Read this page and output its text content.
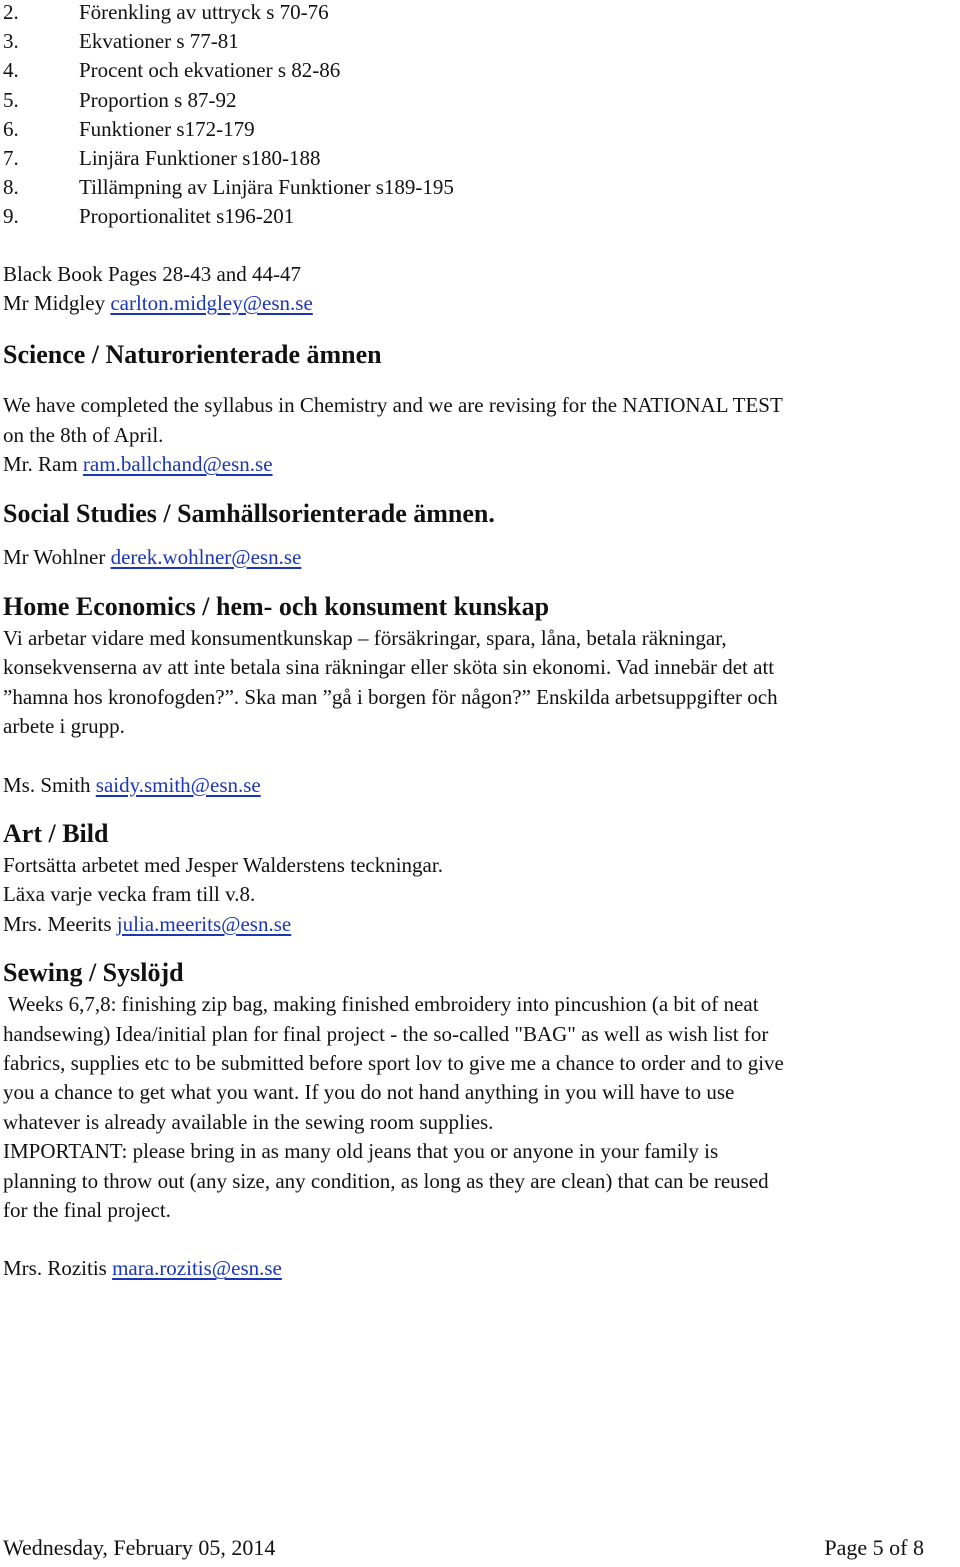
2.	Förenkling av uttryck s 70-76
3.	Ekvationer s 77-81
4.	Procent och ekvationer s 82-86
5.	Proportion s 87-92
6.	Funktioner s172-179
7.	Linjära Funktioner s180-188
8.	Tillämpning av Linjära Funktioner s189-195
9.	Proportionalitet s196-201
Black Book Pages 28-43 and 44-47
Mr Midgley carlton.midgley@esn.se
Science / Naturorienterade ämnen
We have completed the syllabus in Chemistry and we are revising for the NATIONAL TEST
on the 8th of April.
Mr. Ram ram.ballchand@esn.se
Social Studies / Samhällsorienterade ämnen.
Mr Wohlner derek.wohlner@esn.se
Home Economics / hem- och konsument kunskap
Vi arbetar vidare med konsumentkunskap – försäkringar, spara, låna, betala räkningar,
konsekvenserna av att inte betala sina räkningar eller sköta sin ekonomi. Vad innebär det att
”hamna hos kronofogden?”. Ska man ”gå i borgen för någon?” Enskilda arbetsuppgifter och
arbete i grupp.
Ms. Smith saidy.smith@esn.se
Art / Bild
Fortsätta arbetet med Jesper Walderstens teckningar.
Läxa varje vecka fram till v.8.
Mrs. Meerits julia.meerits@esn.se
Sewing / Syslöjd
Weeks 6,7,8: finishing zip bag, making finished embroidery into pincushion (a bit of neat
handsewing) Idea/initial plan for final project - the so-called "BAG" as well as wish list for
fabrics, supplies etc to be submitted before sport lov to give me a chance to order and to give
you a chance to get what you want. If you do not hand anything in you will have to use
whatever is already available in the sewing room supplies.
IMPORTANT: please bring in as many old jeans that you or anyone in your family is
planning to throw out (any size, any condition, as long as they are clean) that can be reused
for the final project.
Mrs. Rozitis mara.rozitis@esn.se
Wednesday, February 05, 2014	Page 5 of 8
